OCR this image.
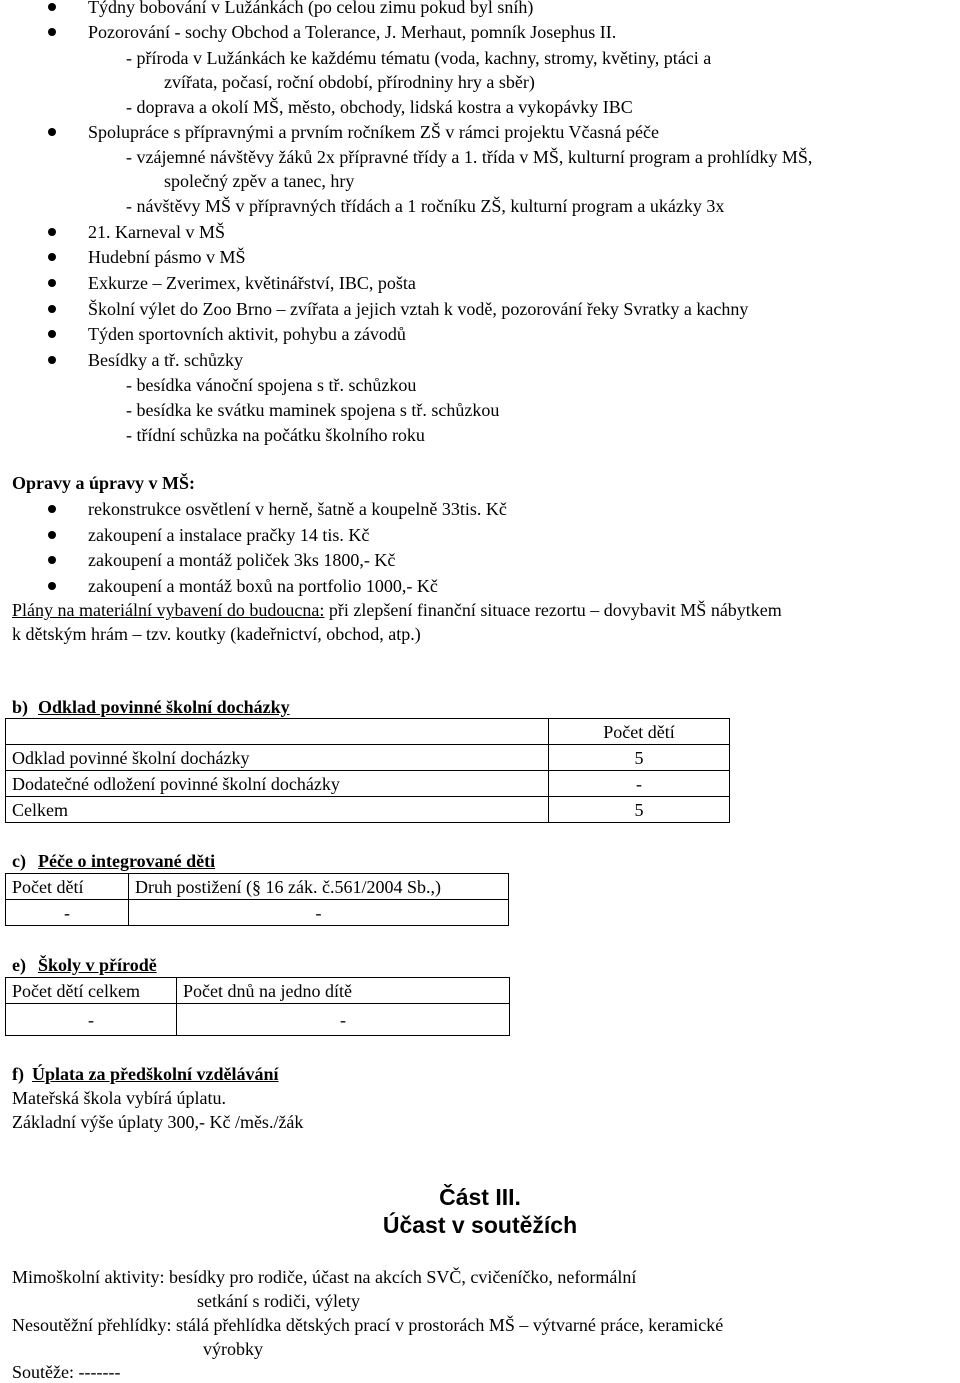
Týdny bobování v Lužánkách (po celou zimu pokud byl sníh)
Pozorování - sochy Obchod a Tolerance, J. Merhaut, pomník Josephus II.
- příroda v Lužánkách ke každému tématu (voda, kachny, stromy, květiny, ptáci a
zvířata, počasí, roční období, přírodniny hry a sběr)
- doprava a okolí MŠ, město, obchody, lidská kostra a vykopávky IBC
Spolupráce s přípravnými a prvním ročníkem ZŠ v rámci projektu Včasná péče
- vzájemné návštěvy žáků 2x přípravné třídy a 1. třída v MŠ, kulturní program a prohlídky MŠ,
společný zpěv a tanec, hry
- návštěvy MŠ v přípravných třídách a 1 ročníku ZŠ, kulturní program a ukázky 3x
21. Karneval v MŠ
Hudební pásmo v MŠ
Exkurze – Zverimex, květinářství, IBC, pošta
Školní výlet do Zoo Brno – zvířata a jejich vztah k vodě, pozorování řeky Svratky a kachny
Týden sportovních aktivit, pohybu a závodů
Besídky a tř. schůzky
- besídka vánoční spojena s tř. schůzkou
- besídka ke svátku maminek spojena s tř. schůzkou
- třídní schůzka na počátku školního roku
Opravy a úpravy v MŠ:
rekonstrukce osvětlení v herně, šatně a koupelně 33tis. Kč
zakoupení a instalace pračky 14 tis. Kč
zakoupení a montáž poliček 3ks 1800,- Kč
zakoupení a montáž boxů na portfolio 1000,- Kč
Plány na materiální vybavení do budoucna: při zlepšení finanční situace rezortu – dovybavit MŠ nábytkem
k dětským hrám – tzv. koutky (kadeřnictví, obchod, atp.)
b) Odklad povinné školní docházky
	Počet dětí
Odklad povinné školní docházky	5
Dodatečné odložení povinné školní docházky	-
Celkem	5
c) Péče o integrované děti
Počet dětí	Druh postižení (§ 16 zák. č.561/2004 Sb.,)
-	-
e) Školy v přírodě
Počet dětí celkem	Počet dnů na jedno dítě
-	-
f) Úplata za předškolní vzdělávání
Mateřská škola vybírá úplatu.
Základní výše úplaty 300,- Kč /měs./žák
Část III.
Účast v soutěžích
Mimoškolní aktivity: besídky pro rodiče, účast na akcích SVČ, cvičeníčko, neformální
setkání s rodiči, výlety
Nesoutěžní přehlídky: stálá přehlídka dětských prací v prostorách MŠ – výtvarné práce, keramické
výrobky
Soutěže: -------
